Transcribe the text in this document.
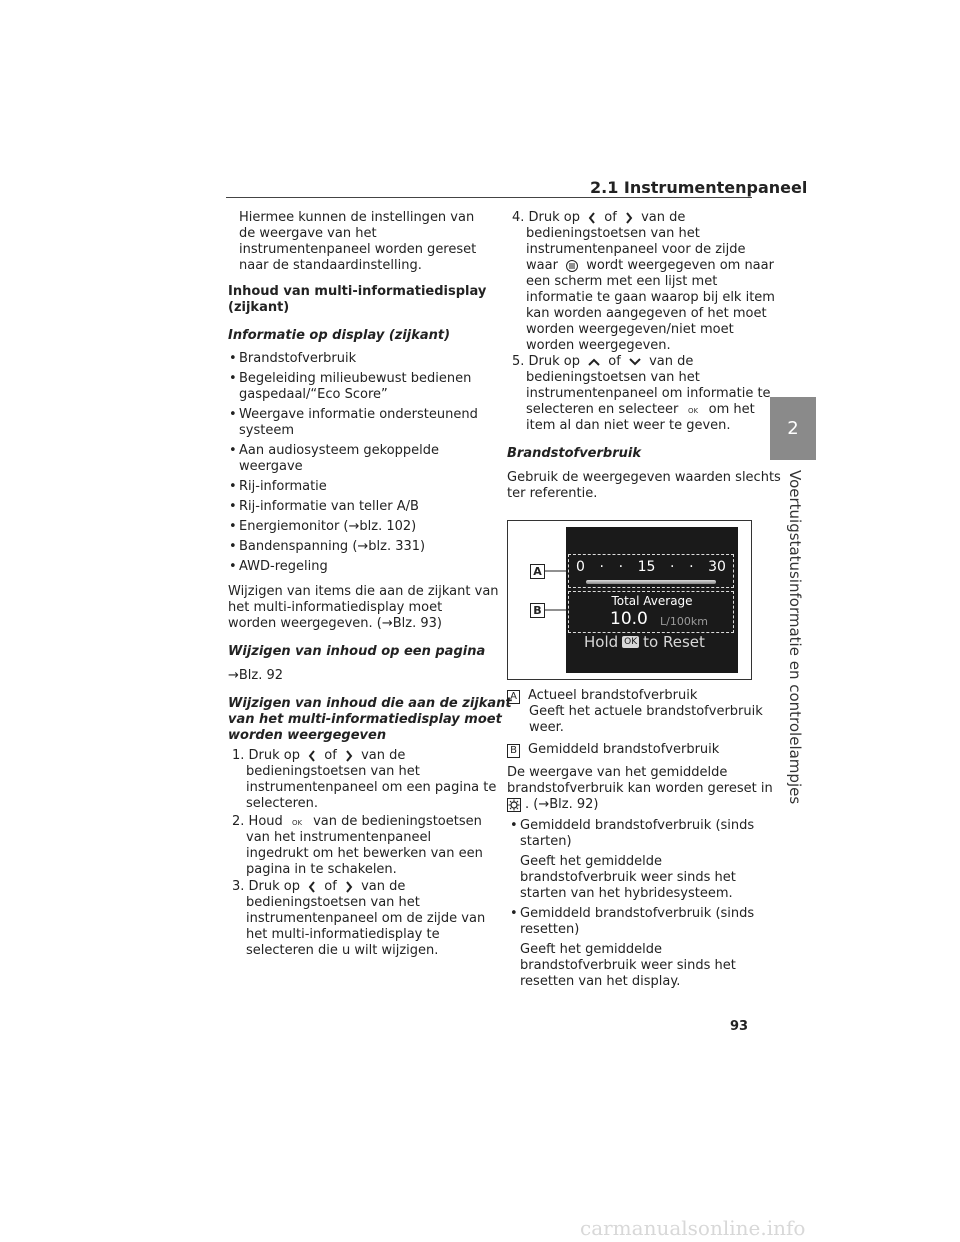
2.1 Instrumentenpaneel
2
Voertuigstatusinformatie en controlelampjes
Hiermee kunnen de instellingen van
de weergave van het
instrumentenpaneel worden gereset
naar de standaardinstelling.
Inhoud van multi-informatiedisplay
(zijkant)
Informatie op display (zijkant)
• Brandstofverbruik
• Begeleiding milieubewust bedienen
gaspedaal/“Eco Score”
• Weergave informatie ondersteunend
systeem
• Aan audiosysteem gekoppelde
weergave
• Rij-informatie
• Rij-informatie van teller A/B
• Energiemonitor (→blz. 102)
• Bandenspanning (→blz. 331)
• AWD-regeling
Wijzigen van items die aan de zijkant van
het multi-informatiedisplay moet
worden weergegeven. (→Blz. 93)
Wijzigen van inhoud op een pagina
→Blz. 92
Wijzigen van inhoud die aan de zijkant
van het multi-informatiedisplay moet
worden weergegeven
1. Druk op of van de
bedieningstoetsen van het
instrumentenpaneel om een pagina te
selecteren.
2. Houd OK van de bedieningstoetsen
van het instrumentenpaneel
ingedrukt om het bewerken van een
pagina in te schakelen.
3. Druk op of van de
bedieningstoetsen van het
instrumentenpaneel om de zijde van
het multi-informatiedisplay te
selecteren die u wilt wijzigen.
4. Druk op of van de
bedieningstoetsen van het
instrumentenpaneel voor de zijde
waar wordt weergegeven om naar
een scherm met een lijst met
informatie te gaan waarop bij elk item
kan worden aangegeven of het moet
worden weergegeven/niet moet
worden weergegeven.
5. Druk op of van de
bedieningstoetsen van het
instrumentenpaneel om informatie te
selecteren en selecteer OK om het
item al dan niet weer te geven.
Brandstofverbruik
Gebruik de weergegeven waarden slechts
ter referentie.
A
B
0 · · 15 · · 30
Total Average
10.0 L/100km
Hold OK to Reset
A Actueel brandstofverbruik
Geeft het actuele brandstofverbruik
weer.
B Gemiddeld brandstofverbruik
De weergave van het gemiddelde
brandstofverbruik kan worden gereset in
. (→Blz. 92)
• Gemiddeld brandstofverbruik (sinds
starten)
Geeft het gemiddelde
brandstofverbruik weer sinds het
starten van het hybridesysteem.
• Gemiddeld brandstofverbruik (sinds
resetten)
Geeft het gemiddelde
brandstofverbruik weer sinds het
resetten van het display.
93
carmanualsonline.info
